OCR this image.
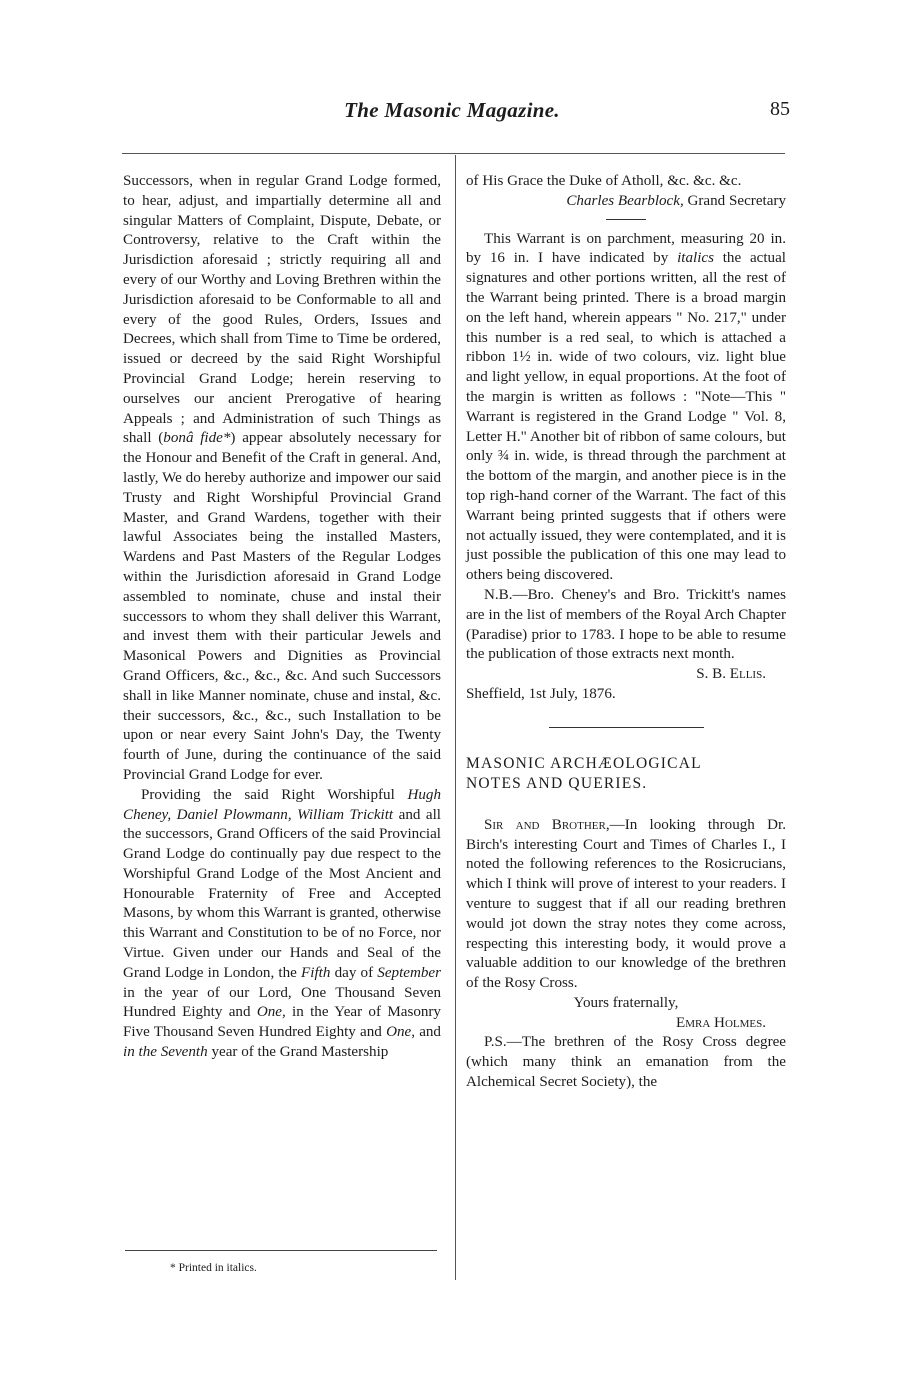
The Masonic Magazine.	85

Successors, when in regular Grand Lodge formed, to hear, adjust, and impartially determine all and singular Matters of Complaint, Dispute, Debate, or Controversy, relative to the Craft within the Jurisdiction aforesaid ; strictly requiring all and every of our Worthy and Loving Brethren within the Jurisdiction aforesaid to be Conformable to all and every of the good Rules, Orders, Issues and Decrees, which shall from Time to Time be ordered, issued or decreed by the said Right Worshipful Provincial Grand Lodge; herein reserving to ourselves our ancient Prerogative of hearing Appeals ; and Administration of such Things as shall (bonâ fide*) appear absolutely necessary for the Honour and Benefit of the Craft in general. And, lastly, We do hereby authorize and impower our said Trusty and Right Worshipful Provincial Grand Master, and Grand Wardens, together with their lawful Associates being the installed Masters, Wardens and Past Masters of the Regular Lodges within the Jurisdiction aforesaid in Grand Lodge assembled to nominate, chuse and instal their successors to whom they shall deliver this Warrant, and invest them with their particular Jewels and Masonical Powers and Dignities as Provincial Grand Officers, &c., &c., &c. And such Successors shall in like Manner nominate, chuse and instal, &c. their successors, &c., &c., such Installation to be upon or near every Saint John's Day, the Twenty fourth of June, during the continuance of the said Provincial Grand Lodge for ever.

Providing the said Right Worshipful Hugh Cheney, Daniel Plowmann, William Trickitt and all the successors, Grand Officers of the said Provincial Grand Lodge do continually pay due respect to the Worshipful Grand Lodge of the Most Ancient and Honourable Fraternity of Free and Accepted Masons, by whom this Warrant is granted, otherwise this Warrant and Constitution to be of no Force, nor Virtue. Given under our Hands and Seal of the Grand Lodge in London, the Fifth day of September in the year of our Lord, One Thousand Seven Hundred Eighty and One, in the Year of Masonry Five Thousand Seven Hundred Eighty and One, and in the Seventh year of the Grand Mastership

* Printed in italics.

of His Grace the Duke of Atholl, &c. &c. &c.

Charles Bearblock, Grand Secretary

This Warrant is on parchment, measuring 20 in. by 16 in. I have indicated by italics the actual signatures and other portions written, all the rest of the Warrant being printed. There is a broad margin on the left hand, wherein appears " No. 217," under this number is a red seal, to which is attached a ribbon 1½ in. wide of two colours, viz. light blue and light yellow, in equal proportions. At the foot of the margin is written as follows : "Note—This " Warrant is registered in the Grand Lodge " Vol. 8, Letter H." Another bit of ribbon of same colours, but only ¾ in. wide, is thread through the parchment at the bottom of the margin, and another piece is in the top righ-hand corner of the Warrant. The fact of this Warrant being printed suggests that if others were not actually issued, they were contemplated, and it is just possible the publication of this one may lead to others being discovered.

N.B.—Bro. Cheney's and Bro. Trickitt's names are in the list of members of the Royal Arch Chapter (Paradise) prior to 1783. I hope to be able to resume the publication of those extracts next month.

S. B. Ellis.

Sheffield, 1st July, 1876.

MASONIC ARCHÆOLOGICAL
NOTES AND QUERIES.

Sir and Brother,—In looking through Dr. Birch's interesting Court and Times of Charles I., I noted the following references to the Rosicrucians, which I think will prove of interest to your readers. I venture to suggest that if all our reading brethren would jot down the stray notes they come across, respecting this interesting body, it would prove a valuable addition to our knowledge of the brethren of the Rosy Cross.

Yours fraternally,

Emra Holmes.

P.S.—The brethren of the Rosy Cross degree (which many think an emanation from the Alchemical Secret Society), the
